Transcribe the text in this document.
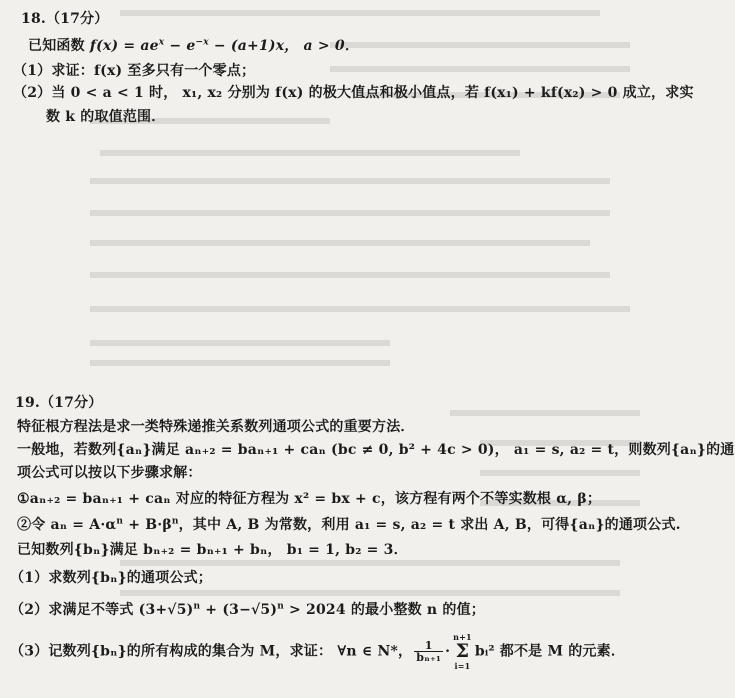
18.（17分）
已知函数 $f(x) = ae^x - e^{-x} - (a+1)x$， a > 0．
（1）求证：f(x) 至多只有一个零点；
（2）当 0 < a < 1 时， x₁, x₂ 分别为 f(x) 的极大值点和极小值点，若 f(x₁) + kf(x₂) > 0 成立，求实
数 k 的取值范围．
19.（17分）
特征根方程法是求一类特殊递推关系数列通项公式的重要方法．
一般地，若数列{aₙ}满足 aₙ₊₂ = baₙ₊₁ + caₙ (bc ≠ 0, b² + 4c > 0)， a₁ = s, a₂ = t，则数列{aₙ}的通
项公式可以按以下步骤求解：
①aₙ₊₂ = baₙ₊₁ + caₙ 对应的特征方程为 x² = bx + c，该方程有两个不等实数根 α, β；
②令 $a_n = A\cdot\alpha^n + B\cdot\beta^n$，其中 A, B 为常数，利用 a₁ = s, a₂ = t 求出 A, B，可得{aₙ}的通项公式.
已知数列{bₙ}满足 bₙ₊₂ = bₙ₊₁ + bₙ， b₁ = 1, b₂ = 3．
（1）求数列{bₙ}的通项公式；
（2）求满足不等式 $(3+√5)^n + (3-√5)^n > 2024$ 的最小整数 n 的值；
（3）记数列{bₙ}的所有构成的集合为 M，求证： ∀n ∈ N*， $\frac{1}{\text{bₙ₊₁}}$ ·
n+1
Σ
i=1
bᵢ² 都不是 M 的元素．
